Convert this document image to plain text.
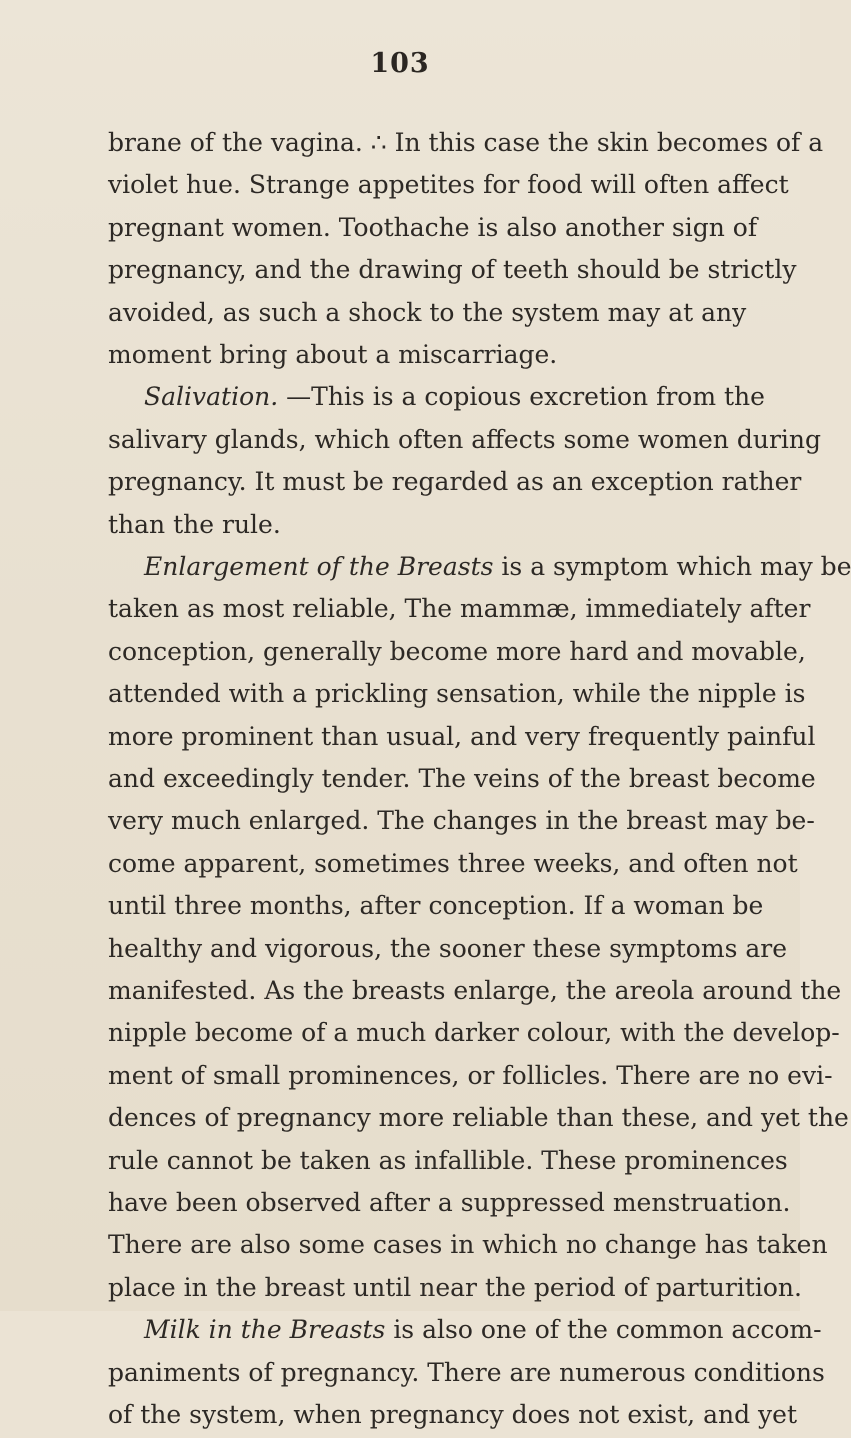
103
brane of the vagina. ∴ In this case the skin becomes of a
violet hue. Strange appetites for food will often affect
pregnant women. Toothache is also another sign of
pregnancy, and the drawing of teeth should be strictly
avoided, as such a shock to the system may at any
moment bring about a miscarriage.
Salivation. —This is a copious excretion from the
salivary glands, which often affects some women during
pregnancy. It must be regarded as an exception rather
than the rule.
Enlargement of the Breasts is a symptom which may be
taken as most reliable, The mammæ, immediately after
conception, generally become more hard and movable,
attended with a prickling sensation, while the nipple is
more prominent than usual, and very frequently painful
and exceedingly tender. The veins of the breast become
very much enlarged. The changes in the breast may be-
come apparent, sometimes three weeks, and often not
until three months, after conception. If a woman be
healthy and vigorous, the sooner these symptoms are
manifested. As the breasts enlarge, the areola around the
nipple become of a much darker colour, with the develop-
ment of small prominences, or follicles. There are no evi-
dences of pregnancy more reliable than these, and yet the
rule cannot be taken as infallible. These prominences
have been observed after a suppressed menstruation.
There are also some cases in which no change has taken
place in the breast until near the period of parturition.
Milk in the Breasts is also one of the common accom-
paniments of pregnancy. There are numerous conditions
of the system, when pregnancy does not exist, and yet
